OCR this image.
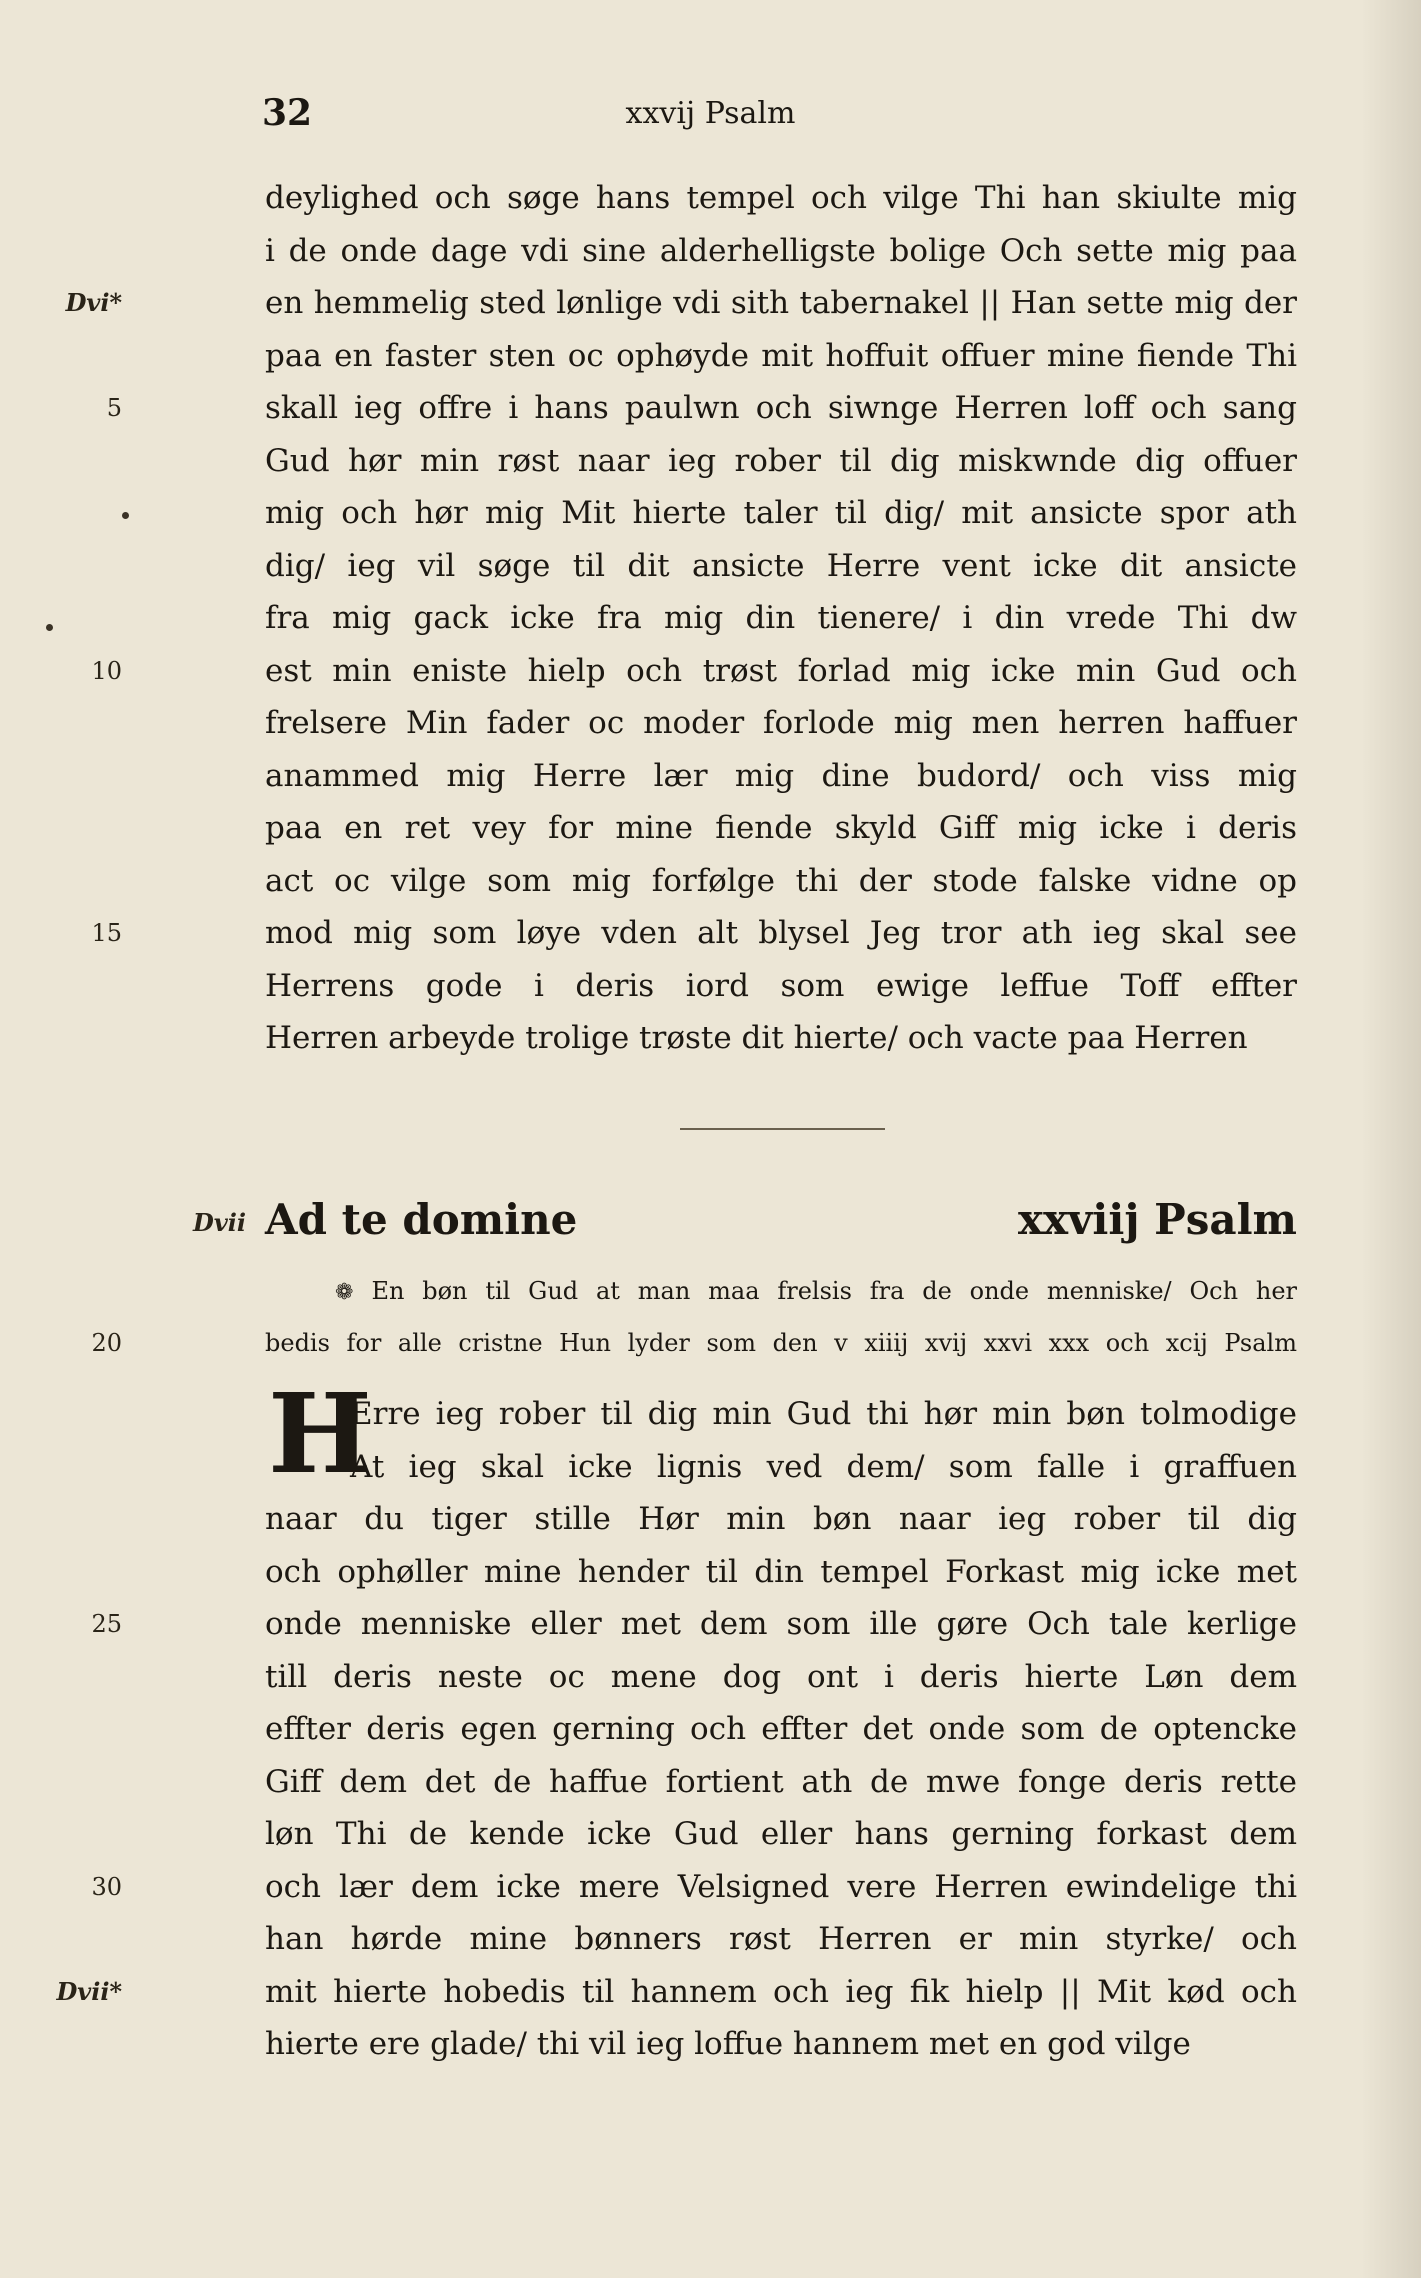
32	xxvij Psalm
deylighed och søge hans tempel och vilge Thi han skiulte mig
i de onde dage vdi sine alderhelligste bolige Och sette mig paa
en hemmelig sted lønlige vdi sith tabernakel || Han sette mig der
Dvi*
paa en faster sten oc ophøyde mit hoffuit offuer mine fiende Thi
skall ieg offre i hans paulwn och siwnge Herren loff och sang
5
Gud hør min røst naar ieg rober til dig miskwnde dig offuer
mig och hør mig Mit hierte taler til dig/ mit ansicte spor ath
dig/ ieg vil søge til dit ansicte Herre vent icke dit ansicte
fra mig gack icke fra mig din tienere/ i din vrede Thi dw
est min eniste hielp och trøst forlad mig icke min Gud och
10
frelsere Min fader oc moder forlode mig men herren haffuer
anammed mig Herre lær mig dine budord/ och viss mig
paa en ret vey for mine fiende skyld Giff mig icke i deris
act oc vilge som mig forfølge thi der stode falske vidne op
mod mig som løye vden alt blysel Jeg tror ath ieg skal see
15
Herrens gode i deris iord som ewige leffue Toff effter
Herren arbeyde trolige trøste dit hierte/ och vacte paa Herren
Dvii Ad te domine	xxviij Psalm
❁ En bøn til Gud at man maa frelsis fra de onde menniske/ Och her
bedis for alle cristne Hun lyder som den v xiiij xvij xxvi xxx och xcij Psalm
20
H
Erre ieg rober til dig min Gud thi hør min bøn tolmodige
At ieg skal icke lignis ved dem/ som falle i graffuen
naar du tiger stille Hør min bøn naar ieg rober til dig
och ophøller mine hender til din tempel Forkast mig icke met
onde menniske eller met dem som ille gøre Och tale kerlige
25
till deris neste oc mene dog ont i deris hierte Løn dem
effter deris egen gerning och effter det onde som de optencke
Giff dem det de haffue fortient ath de mwe fonge deris rette
løn Thi de kende icke Gud eller hans gerning forkast dem
och lær dem icke mere Velsigned vere Herren ewindelige thi
30
han hørde mine bønners røst Herren er min styrke/ och
mit hierte hobedis til hannem och ieg fik hielp || Mit kød och
Dvii*
hierte ere glade/ thi vil ieg loffue hannem met en god vilge
